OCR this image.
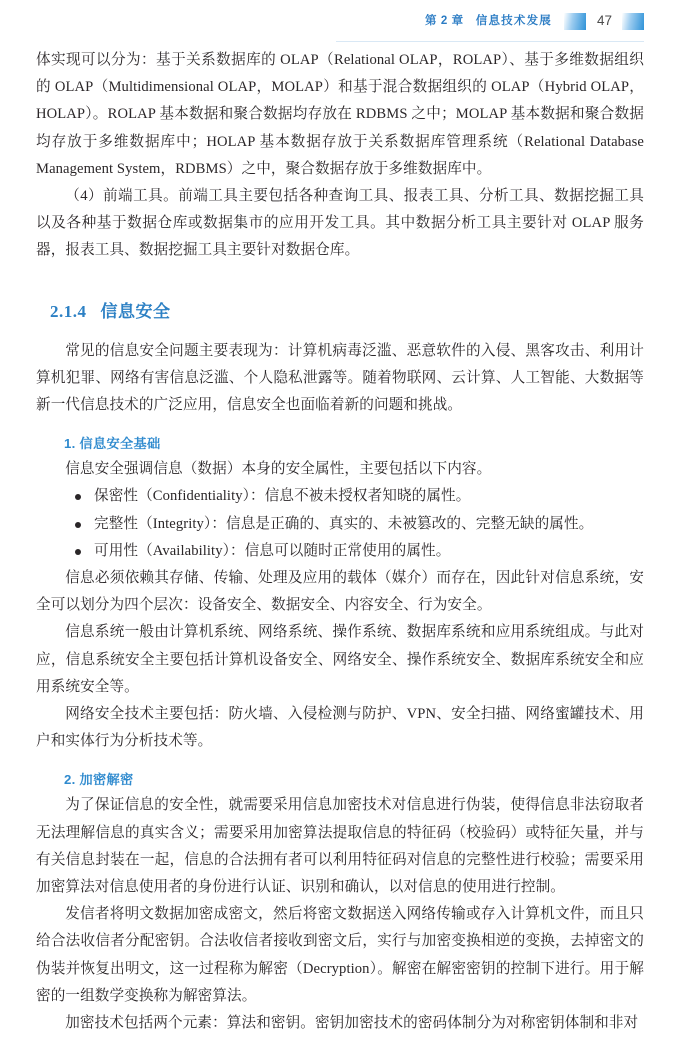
第 2 章 信息技术发展	47

体实现可以分为：基于关系数据库的 OLAP（Relational OLAP，ROLAP）、基于多维数据组织的 OLAP（Multidimensional OLAP，MOLAP）和基于混合数据组织的 OLAP（Hybrid OLAP，HOLAP）。ROLAP 基本数据和聚合数据均存放在 RDBMS 之中；MOLAP 基本数据和聚合数据均存放于多维数据库中；HOLAP 基本数据存放于关系数据库管理系统（Relational Database Management System，RDBMS）之中，聚合数据存放于多维数据库中。

（4）前端工具。前端工具主要包括各种查询工具、报表工具、分析工具、数据挖掘工具以及各种基于数据仓库或数据集市的应用开发工具。其中数据分析工具主要针对 OLAP 服务器，报表工具、数据挖掘工具主要针对数据仓库。

2.1.4 信息安全

常见的信息安全问题主要表现为：计算机病毒泛滥、恶意软件的入侵、黑客攻击、利用计算机犯罪、网络有害信息泛滥、个人隐私泄露等。随着物联网、云计算、人工智能、大数据等新一代信息技术的广泛应用，信息安全也面临着新的问题和挑战。

1. 信息安全基础

信息安全强调信息（数据）本身的安全属性，主要包括以下内容。

保密性（Confidentiality）：信息不被未授权者知晓的属性。
完整性（Integrity）：信息是正确的、真实的、未被篡改的、完整无缺的属性。
可用性（Availability）：信息可以随时正常使用的属性。

信息必须依赖其存储、传输、处理及应用的载体（媒介）而存在，因此针对信息系统，安全可以划分为四个层次：设备安全、数据安全、内容安全、行为安全。

信息系统一般由计算机系统、网络系统、操作系统、数据库系统和应用系统组成。与此对应，信息系统安全主要包括计算机设备安全、网络安全、操作系统安全、数据库系统安全和应用系统安全等。

网络安全技术主要包括：防火墙、入侵检测与防护、VPN、安全扫描、网络蜜罐技术、用户和实体行为分析技术等。

2. 加密解密

为了保证信息的安全性，就需要采用信息加密技术对信息进行伪装，使得信息非法窃取者无法理解信息的真实含义；需要采用加密算法提取信息的特征码（校验码）或特征矢量，并与有关信息封装在一起，信息的合法拥有者可以利用特征码对信息的完整性进行校验；需要采用加密算法对信息使用者的身份进行认证、识别和确认，以对信息的使用进行控制。

发信者将明文数据加密成密文，然后将密文数据送入网络传输或存入计算机文件，而且只给合法收信者分配密钥。合法收信者接收到密文后，实行与加密变换相逆的变换，去掉密文的伪装并恢复出明文，这一过程称为解密（Decryption）。解密在解密密钥的控制下进行。用于解密的一组数学变换称为解密算法。

加密技术包括两个元素：算法和密钥。密钥加密技术的密码体制分为对称密钥体制和非对
